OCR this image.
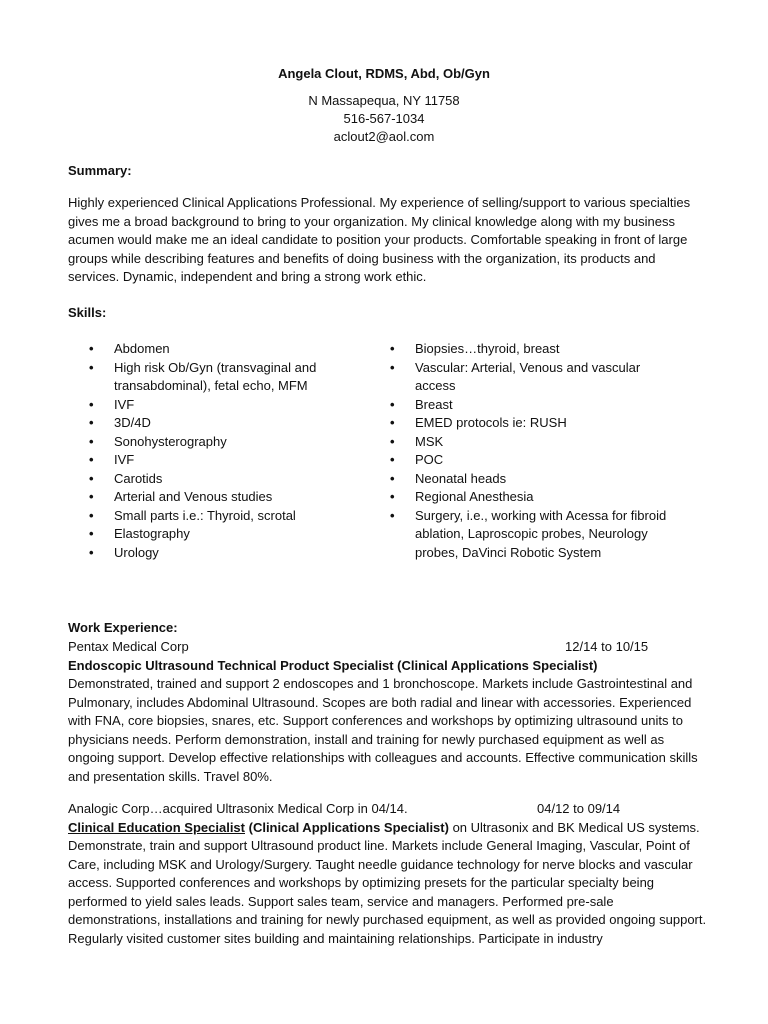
Angela Clout, RDMS, Abd, Ob/Gyn
N Massapequa, NY 11758
516-567-1034
aclout2@aol.com
Summary:
Highly experienced Clinical Applications Professional. My experience of selling/support to various specialties gives me a broad background to bring to your organization. My clinical knowledge along with my business acumen would make me an ideal candidate to position your products. Comfortable speaking in front of large groups while describing features and benefits of doing business with the organization, its products and services. Dynamic, independent and bring a strong work ethic.
Skills:
•	Abdomen
•	High risk Ob/Gyn (transvaginal and transabdominal), fetal echo, MFM
•	IVF
•	3D/4D
•	Sonohysterography
•	IVF
•	Carotids
•	Arterial and Venous studies
•	Small parts i.e.: Thyroid, scrotal
•	Elastography
•	Urology
•	Biopsies…thyroid, breast
•	Vascular: Arterial, Venous and vascular access
•	Breast
•	EMED protocols ie: RUSH
•	MSK
•	POC
•	Neonatal heads
•	Regional Anesthesia
•	Surgery, i.e., working with Acessa for fibroid ablation, Laproscopic probes, Neurology probes, DaVinci Robotic System
Work Experience:
Pentax Medical Corp	12/14 to 10/15
Endoscopic Ultrasound Technical Product Specialist (Clinical Applications Specialist)
Demonstrated, trained and support 2 endoscopes and 1 bronchoscope. Markets include Gastrointestinal and Pulmonary, includes Abdominal Ultrasound. Scopes are both radial and linear with accessories. Experienced with FNA, core biopsies, snares, etc. Support conferences and workshops by optimizing ultrasound units to physicians needs. Perform demonstration, install and training for newly purchased equipment as well as ongoing support. Develop effective relationships with colleagues and accounts. Effective communication skills and presentation skills. Travel 80%.
Analogic Corp…acquired Ultrasonix Medical Corp in 04/14.	04/12 to 09/14
Clinical Education Specialist (Clinical Applications Specialist) on Ultrasonix and BK Medical US systems.
Demonstrate, train and support Ultrasound product line. Markets include General Imaging, Vascular, Point of Care, including MSK and Urology/Surgery. Taught needle guidance technology for nerve blocks and vascular access. Supported conferences and workshops by optimizing presets for the particular specialty being performed to yield sales leads. Support sales team, service and managers. Performed pre-sale demonstrations, installations and training for newly purchased equipment, as well as provided ongoing support. Regularly visited customer sites building and maintaining relationships. Participate in industry
